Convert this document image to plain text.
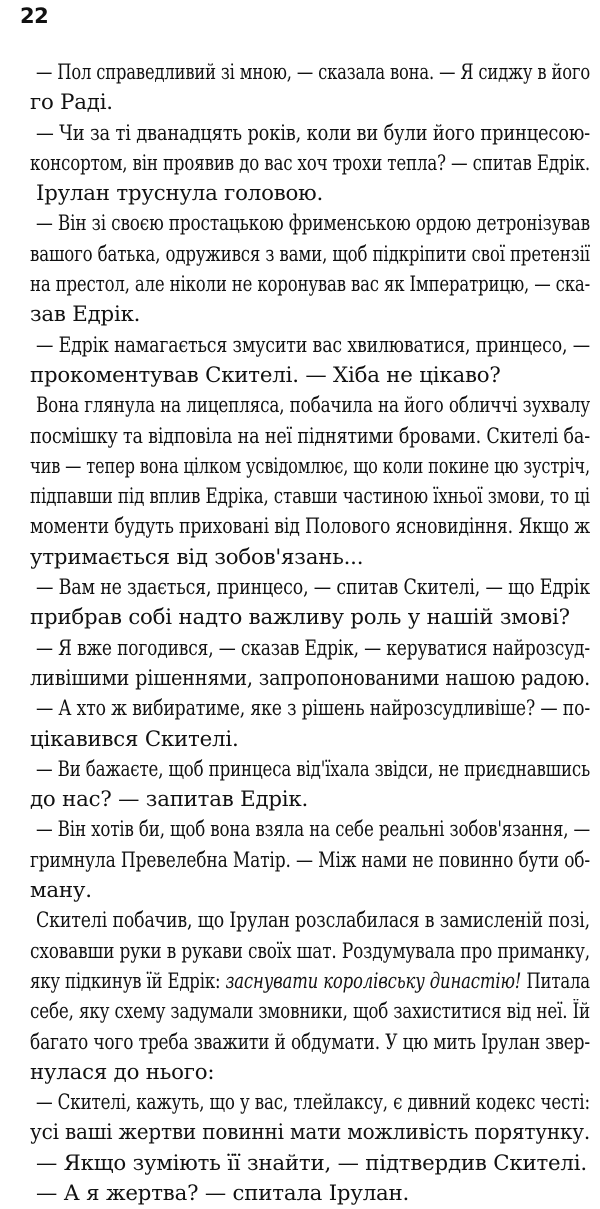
22
— Пол справедливий зі мною, — сказала вона. — Я сиджу в його
го Раді.
— Чи за ті дванадцять років, коли ви були його принцесою-
консортом, він проявив до вас хоч трохи тепла? — спитав Едрік.
Ірулан труснула головою.
— Він зі своєю простацькою фрименською ордою детронізував
вашого батька, одружився з вами, щоб підкріпити свої претензії
на престол, але ніколи не коронував вас як Імператрицю, — ска-
зав Едрік.
— Едрік намагається змусити вас хвилюватися, принцесо, —
прокоментував Скителі. — Хіба не цікаво?
Вона глянула на лицепляса, побачила на його обличчі зухвалу
посмішку та відповіла на неї піднятими бровами. Скителі ба-
чив — тепер вона цілком усвідомлює, що коли покине цю зустріч,
підпавши під вплив Едріка, ставши частиною їхньої змови, то ці
моменти будуть приховані від Полового ясновидіння. Якщо ж
утримається від зобов'язань...
— Вам не здається, принцесо, — спитав Скителі, — що Едрік
прибрав собі надто важливу роль у нашій змові?
— Я вже погодився, — сказав Едрік, — керуватися найрозсуд-
ливішими рішеннями, запропонованими нашою радою.
— А хто ж вибиратиме, яке з рішень найрозсудливіше? — по-
цікавився Скителі.
— Ви бажаєте, щоб принцеса від'їхала звідси, не приєднавшись
до нас? — запитав Едрік.
— Він хотів би, щоб вона взяла на себе реальні зобов'язання, —
гримнула Превелебна Матір. — Між нами не повинно бути об-
ману.
Скителі побачив, що Ірулан розслабилася в замисленій позі,
сховавши руки в рукави своїх шат. Роздумувала про приманку,
яку підкинув їй Едрік: заснувати королівську династію! Питала
себе, яку схему задумали змовники, щоб захиститися від неї. Їй
багато чого треба зважити й обдумати. У цю мить Ірулан звер-
нулася до нього:
— Скителі, кажуть, що у вас, тлейлаксу, є дивний кодекс честі:
усі ваші жертви повинні мати можливість порятунку.
— Якщо зуміють її знайти, — підтвердив Скителі.
— А я жертва? — спитала Ірулан.
